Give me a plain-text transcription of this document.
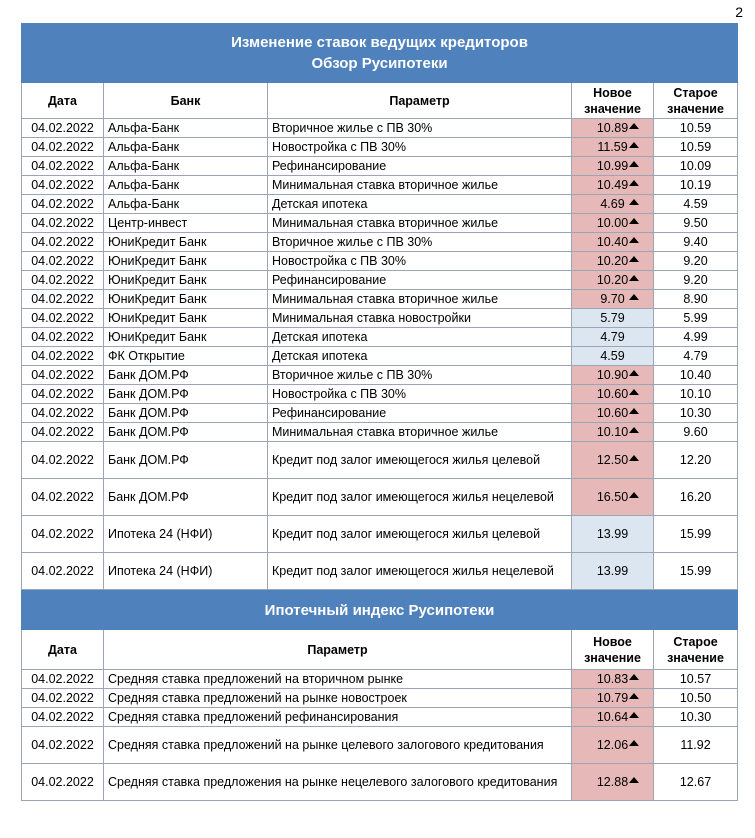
2
Изменение ставок ведущих кредиторов
Обзор Русипотеки				

Дата	Банк	Параметр	Новое значение	Старое значение
04.02.2022	Альфа-Банк	Вторичное жилье с ПВ 30%	10.89	10.59
04.02.2022	Альфа-Банк	Новостройка с ПВ 30%	11.59	10.59
04.02.2022	Альфа-Банк	Рефинансирование	10.99	10.09
04.02.2022	Альфа-Банк	Минимальная ставка вторичное жилье	10.49	10.19
04.02.2022	Альфа-Банк	Детская ипотека	4.69	4.59
04.02.2022	Центр-инвест	Минимальная ставка вторичное жилье	10.00	9.50
04.02.2022	ЮниКредит Банк	Вторичное жилье с ПВ 30%	10.40	9.40
04.02.2022	ЮниКредит Банк	Новостройка с ПВ 30%	10.20	9.20
04.02.2022	ЮниКредит Банк	Рефинансирование	10.20	9.20
04.02.2022	ЮниКредит Банк	Минимальная ставка вторичное жилье	9.70	8.90
04.02.2022	ЮниКредит Банк	Минимальная ставка новостройки	5.79	5.99
04.02.2022	ЮниКредит Банк	Детская ипотека	4.79	4.99
04.02.2022	ФК Открытие	Детская ипотека	4.59	4.79
04.02.2022	Банк ДОМ.РФ	Вторичное жилье с ПВ 30%	10.90	10.40
04.02.2022	Банк ДОМ.РФ	Новостройка с ПВ 30%	10.60	10.10
04.02.2022	Банк ДОМ.РФ	Рефинансирование	10.60	10.30
04.02.2022	Банк ДОМ.РФ	Минимальная ставка вторичное жилье	10.10	9.60
04.02.2022	Банк ДОМ.РФ	Кредит под залог имеющегося жилья целевой	12.50	12.20
04.02.2022	Банк ДОМ.РФ	Кредит под залог имеющегося жилья нецелевой	16.50	16.20
04.02.2022	Ипотека 24 (НФИ)	Кредит под залог имеющегося жилья целевой	13.99	15.99
04.02.2022	Ипотека 24 (НФИ)	Кредит под залог имеющегося жилья нецелевой	13.99	15.99
Ипотечный индекс Русипотеки			
Дата	Параметр	Новое значение	Старое значение
04.02.2022	Средняя ставка предложений на вторичном рынке	10.83	10.57
04.02.2022	Средняя ставка предложений на рынке новостроек	10.79	10.50
04.02.2022	Средняя ставка предложений рефинансирования	10.64	10.30
04.02.2022	Средняя ставка предложений на рынке целевого залогового кредитования	12.06	11.92
04.02.2022	Средняя ставка предложения на рынке нецелевого залогового кредитования	12.88	12.67
